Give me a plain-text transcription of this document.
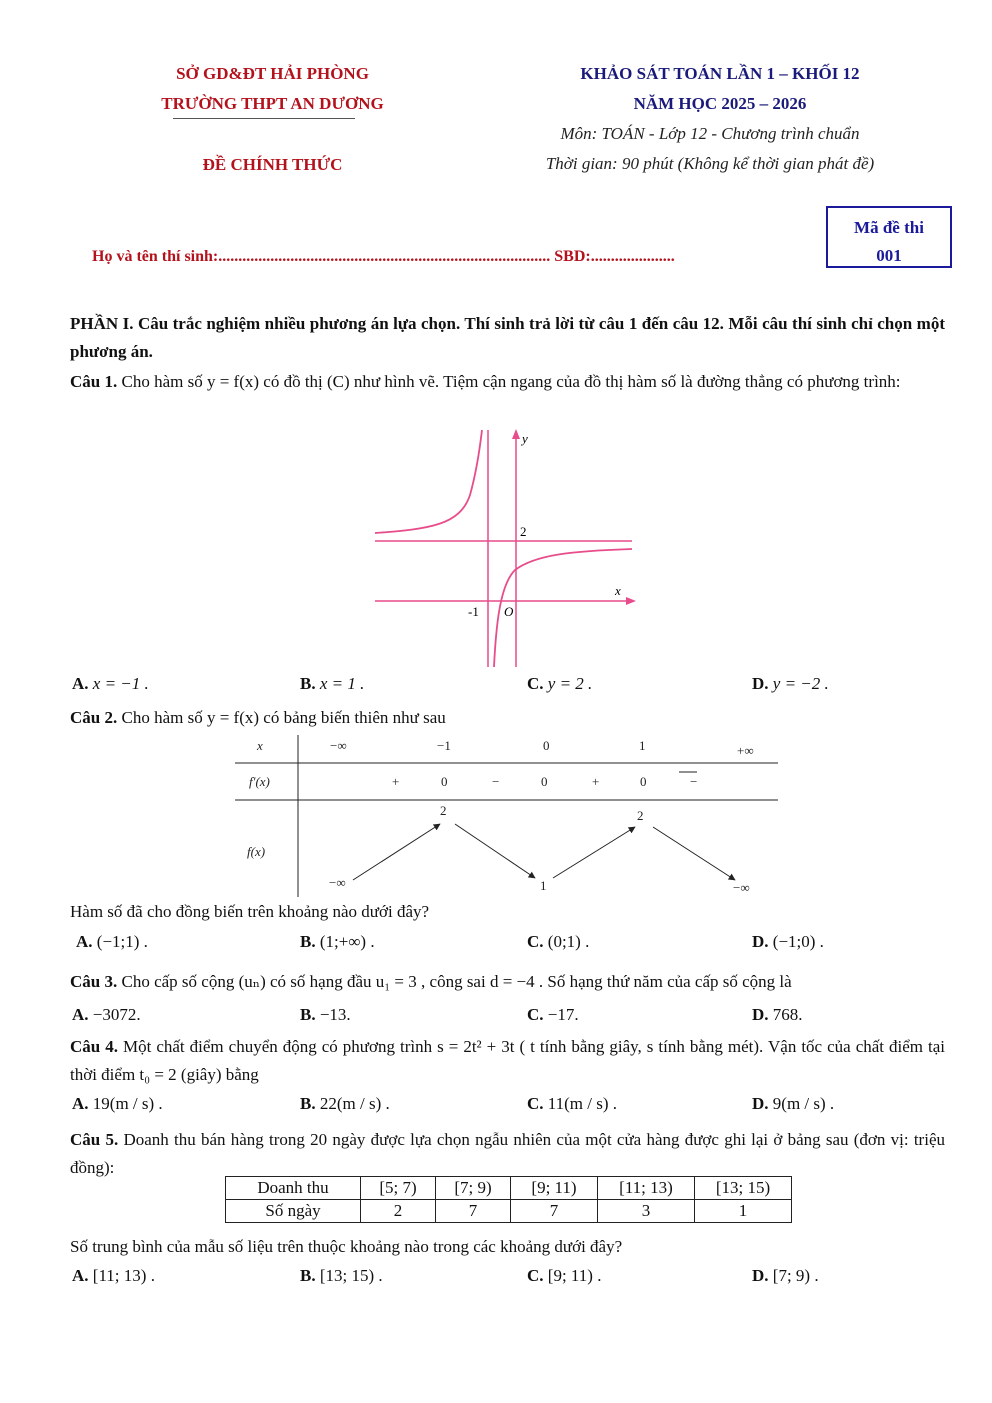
SỞ GD&ĐT HẢI PHÒNG
TRƯỜNG THPT AN DƯƠNG
ĐỀ CHÍNH THỨC
KHẢO SÁT TOÁN LẦN 1 – KHỐI 12
NĂM HỌC 2025 – 2026
Môn: TOÁN - Lớp 12 - Chương trình chuẩn
Thời gian: 90 phút (Không kể thời gian phát đề)
Mã đề thi
001
Họ và tên thí sinh:................................................................................... SBD:.....................
PHẦN I. Câu trắc nghiệm nhiều phương án lựa chọn. Thí sinh trả lời từ câu 1 đến câu 12. Mỗi câu thí sinh chỉ chọn một phương án.
Câu 1. Cho hàm số y = f(x) có đồ thị (C) như hình vẽ. Tiệm cận ngang của đồ thị hàm số là đường thẳng có phương trình:
y
x
2
-1 O
A. x = −1 .	B. x = 1 .	C. y = 2 .	D. y = −2 .
Câu 2. Cho hàm số y = f(x) có bảng biến thiên như sau
x	−∞	−1	0	1	+∞
f′(x)	+	0	−	0	+	0	−
f(x)
−∞
2
1
2
−∞
Hàm số đã cho đồng biến trên khoảng nào dưới đây?
A. (−1;1) .	B. (1;+∞) .	C. (0;1) .	D. (−1;0) .
Câu 3. Cho cấp số cộng (uₙ) có số hạng đầu u₁ = 3 , công sai d = −4 . Số hạng thứ năm của cấp số cộng là
A. −3072.	B. −13.	C. −17.	D. 768.
Câu 4. Một chất điểm chuyển động có phương trình s = 2t² + 3t ( t tính bằng giây, s tính bằng mét). Vận tốc của chất điểm tại thời điểm t₀ = 2 (giây) bằng
A. 19(m / s) .	B. 22(m / s) .	C. 11(m / s) .	D. 9(m / s) .
Câu 5. Doanh thu bán hàng trong 20 ngày được lựa chọn ngẫu nhiên của một cửa hàng được ghi lại ở bảng sau (đơn vị: triệu đồng):
Doanh thu	[5; 7)	[7; 9)	[9; 11)	[11; 13)	[13; 15)
Số ngày	2	7	7	3	1
Số trung bình của mẫu số liệu trên thuộc khoảng nào trong các khoảng dưới đây?
A. [11; 13) .	B. [13; 15) .	C. [9; 11) .	D. [7; 9) .
